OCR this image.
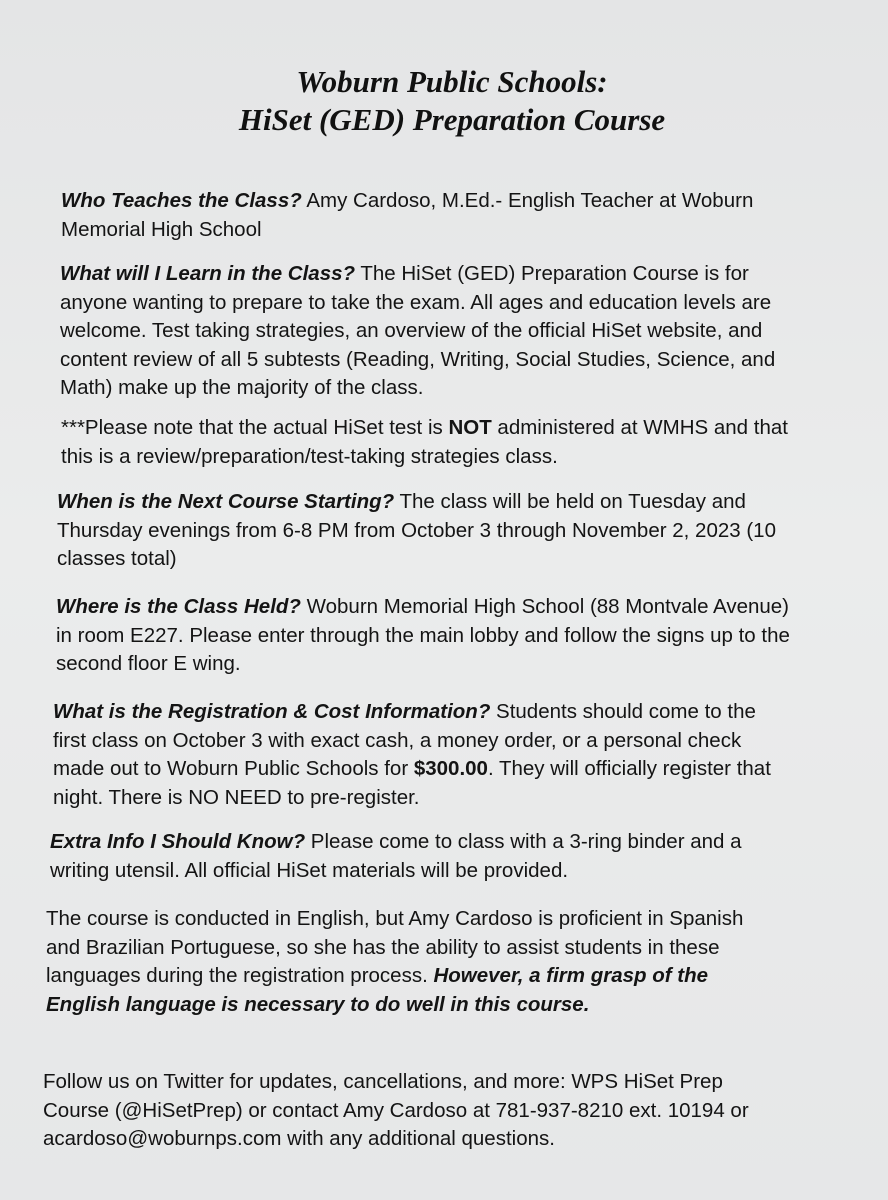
Woburn Public Schools:
HiSet (GED) Preparation Course
Who Teaches the Class? Amy Cardoso, M.Ed.- English Teacher at Woburn
Memorial High School
What will I Learn in the Class? The HiSet (GED) Preparation Course is for
anyone wanting to prepare to take the exam. All ages and education levels are
welcome. Test taking strategies, an overview of the official HiSet website, and
content review of all 5 subtests (Reading, Writing, Social Studies, Science, and
Math) make up the majority of the class.
***Please note that the actual HiSet test is NOT administered at WMHS and that
this is a review/preparation/test-taking strategies class.
When is the Next Course Starting? The class will be held on Tuesday and
Thursday evenings from 6-8 PM from October 3 through November 2, 2023 (10
classes total)
Where is the Class Held? Woburn Memorial High School (88 Montvale Avenue)
in room E227. Please enter through the main lobby and follow the signs up to the
second floor E wing.
What is the Registration & Cost Information? Students should come to the
first class on October 3 with exact cash, a money order, or a personal check
made out to Woburn Public Schools for $300.00. They will officially register that
night. There is NO NEED to pre-register.
Extra Info I Should Know? Please come to class with a 3-ring binder and a
writing utensil. All official HiSet materials will be provided.
The course is conducted in English, but Amy Cardoso is proficient in Spanish
and Brazilian Portuguese, so she has the ability to assist students in these
languages during the registration process. However, a firm grasp of the
English language is necessary to do well in this course.
Follow us on Twitter for updates, cancellations, and more: WPS HiSet Prep
Course (@HiSetPrep) or contact Amy Cardoso at 781-937-8210 ext. 10194 or
acardoso@woburnps.com with any additional questions.
